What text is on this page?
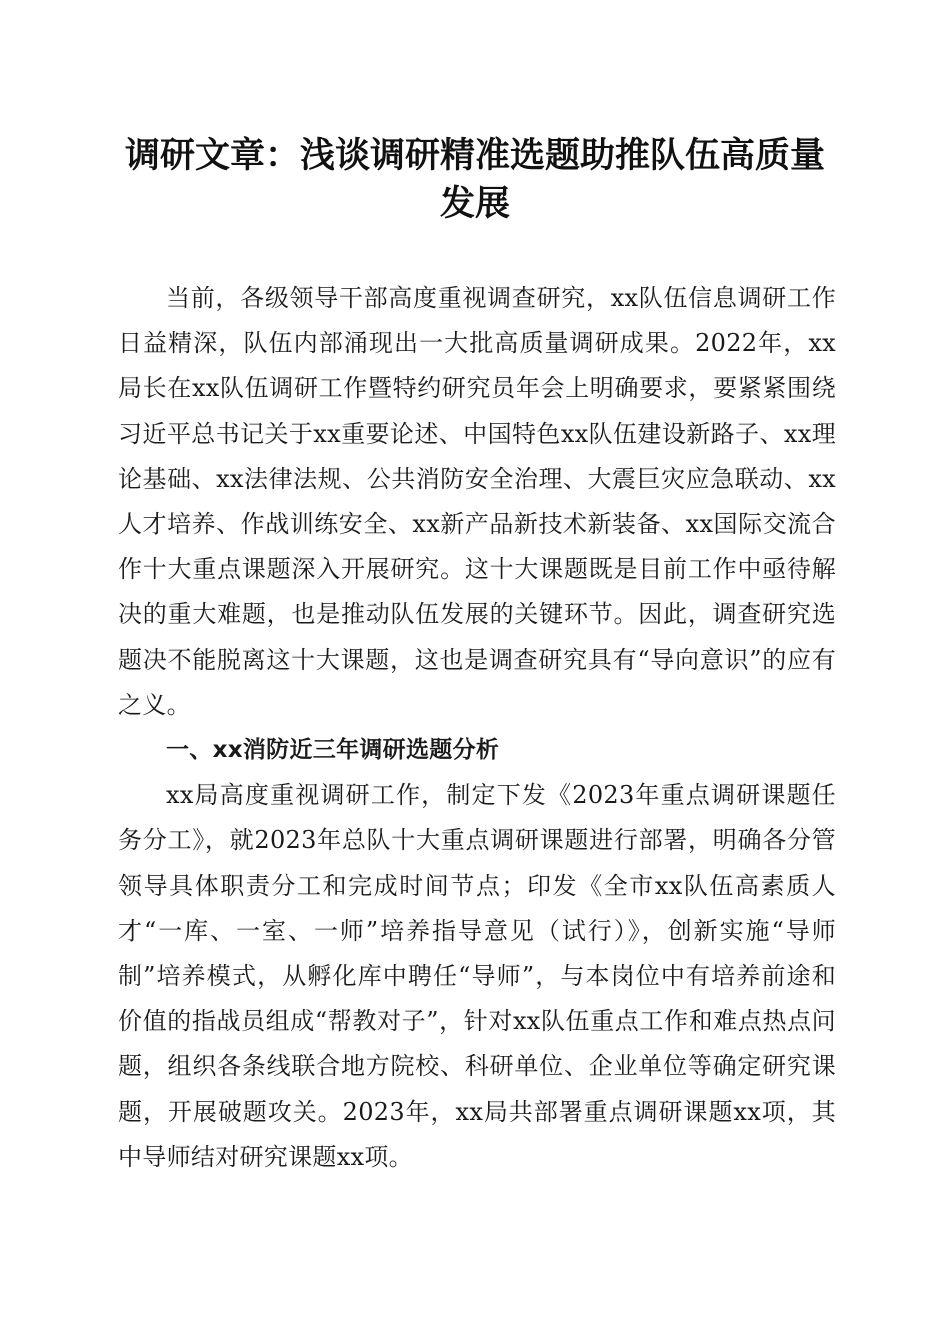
调研文章：浅谈调研精准选题助推队伍高质量发展

当前，各级领导干部高度重视调查研究，xx队伍信息调研工作日益精深，队伍内部涌现出一大批高质量调研成果。2022年，xx局长在xx队伍调研工作暨特约研究员年会上明确要求，要紧紧围绕习近平总书记关于xx重要论述、中国特色xx队伍建设新路子、xx理论基础、xx法律法规、公共消防安全治理、大震巨灾应急联动、xx人才培养、作战训练安全、xx新产品新技术新装备、xx国际交流合作十大重点课题深入开展研究。这十大课题既是目前工作中亟待解决的重大难题，也是推动队伍发展的关键环节。因此，调查研究选题决不能脱离这十大课题，这也是调查研究具有“导向意识”的应有之义。

一、xx消防近三年调研选题分析

xx局高度重视调研工作，制定下发《2023年重点调研课题任务分工》，就2023年总队十大重点调研课题进行部署，明确各分管领导具体职责分工和完成时间节点；印发《全市xx队伍高素质人才“一库、一室、一师”培养指导意见（试行）》，创新实施“导师制”培养模式，从孵化库中聘任“导师”，与本岗位中有培养前途和价值的指战员组成“帮教对子”，针对xx队伍重点工作和难点热点问题，组织各条线联合地方院校、科研单位、企业单位等确定研究课题，开展破题攻关。2023年，xx局共部署重点调研课题xx项，其中导师结对研究课题xx项。
